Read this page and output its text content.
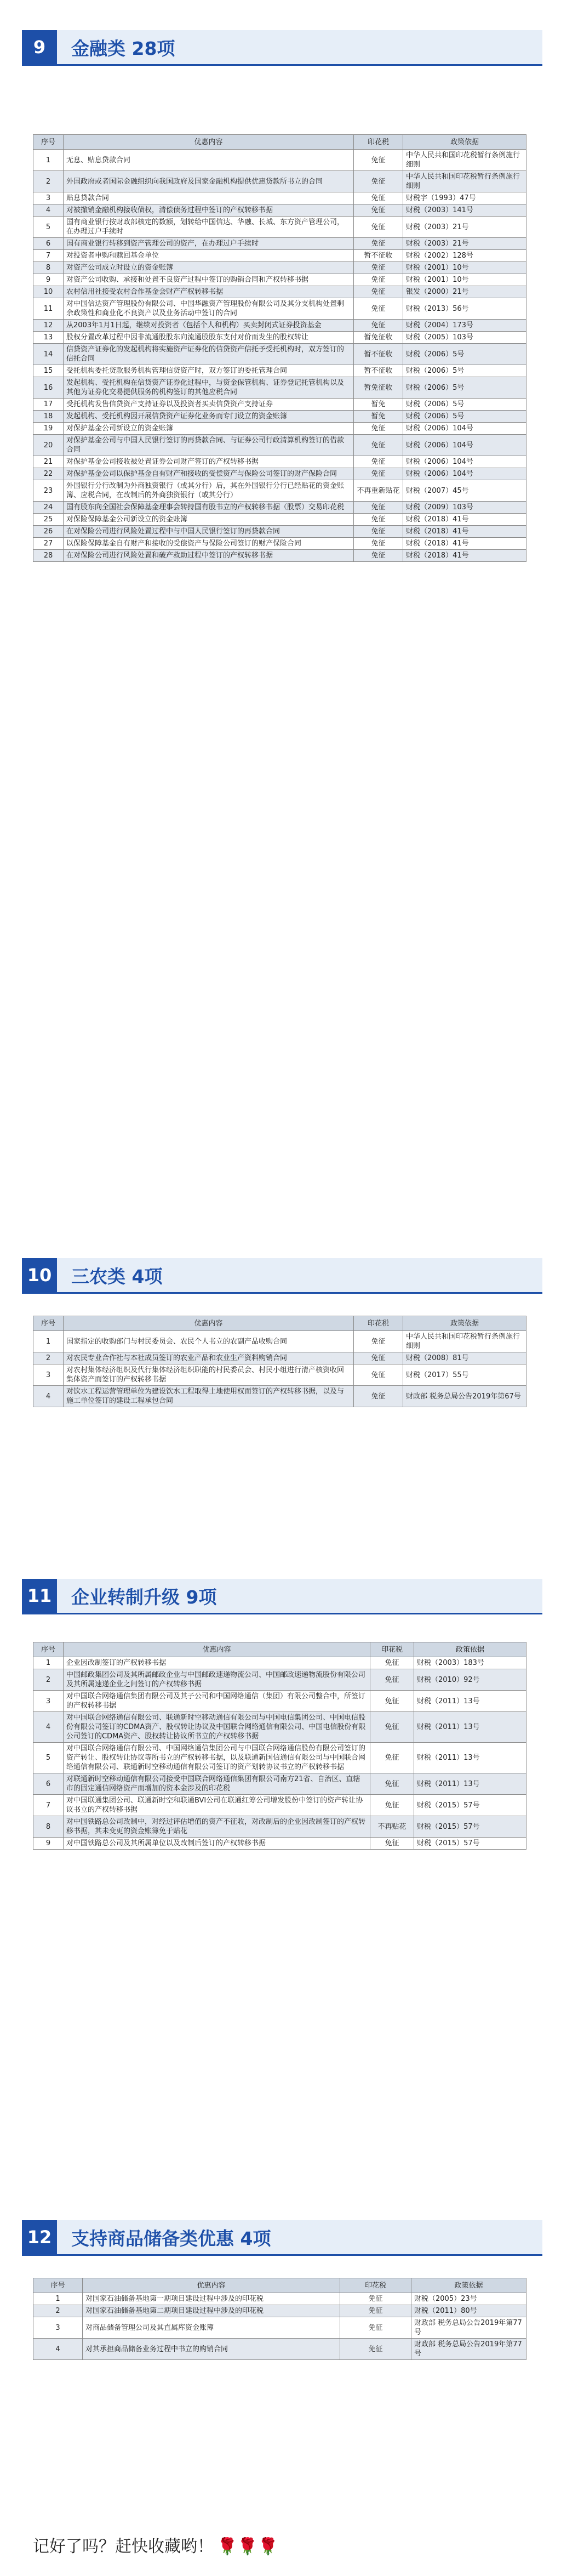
9	金融类 28项
序号	优惠内容	印花税	政策依据
1	无息、贴息贷款合同	免征	中华人民共和国印花税暂行条例施行细则
2	外国政府或者国际金融组织向我国政府及国家金融机构提供优惠贷款所书立的合同	免征	中华人民共和国印花税暂行条例施行细则
3	贴息贷款合同	免征	财税字（1993）47号
4	对被撤销金融机构接收债权，清偿债务过程中签订的产权转移书据	免征	财税（2003）141号
5	国有商业银行按财政部核定的数额，划转给中国信达、华融、长城、东方资产管理公司，在办理过户手续时	免征	财税（2003）21号
6	国有商业银行转移到资产管理公司的资产，在办理过户手续时	免征	财税（2003）21号
7	对投资者申购和赎回基金单位	暂不征收	财税（2002）128号
8	对资产公司成立时设立的资金账簿	免征	财税（2001）10号
9	对资产公司收购、承接和处置不良资产过程中签订的购销合同和产权转移书据	免征	财税（2001）10号
10	农村信用社接受农村合作基金会财产产权转移书据	免征	银发（2000）21号
11	对中国信达资产管理股份有限公司、中国华融资产管理股份有限公司及其分支机构处置剩余政策性和商业化不良资产以及业务活动中签订的合同	免征	财税（2013）56号
12	从2003年1月1日起，继续对投资者（包括个人和机构）买卖封闭式证券投资基金	免征	财税（2004）173号
13	股权分置改革过程中因非流通股股东向流通股股东支付对价而发生的股权转让	暂免征收	财税（2005）103号
14	信贷资产证券化的发起机构将实施资产证券化的信贷资产信托予受托机构时，双方签订的信托合同	暂不征收	财税（2006）5号
15	受托机构委托贷款服务机构管理信贷资产时，双方签订的委托管理合同	暂不征收	财税（2006）5号
16	发起机构、受托机构在信贷资产证券化过程中，与资金保管机构、证券登记托管机构以及其他为证券化交易提供服务的机构签订的其他应税合同	暂免征收	财税（2006）5号
17	受托机构发售信贷资产支持证券以及投资者买卖信贷资产支持证券	暂免	财税（2006）5号
18	发起机构、受托机构因开展信贷资产证券化业务而专门设立的资金账簿	暂免	财税（2006）5号
19	对保护基金公司新设立的资金账簿	免征	财税（2006）104号
20	对保护基金公司与中国人民银行签订的再贷款合同、与证券公司行政清算机构签订的借款合同	免征	财税（2006）104号
21	对保护基金公司接收被处置证券公司财产签订的产权转移书据	免征	财税（2006）104号
22	对保护基金公司以保护基金自有财产和接收的受偿资产与保险公司签订的财产保险合同	免征	财税（2006）104号
23	外国银行分行改制为外商独资银行（或其分行）后，其在外国银行分行已经贴花的资金账簿、应税合同，在改制后的外商独资银行（或其分行）	不再重新贴花	财税（2007）45号
24	国有股东向全国社会保障基金理事会转持国有股书立的产权转移书据（股票）交易印花税	免征	财税（2009）103号
25	对保险保障基金公司新设立的资金账簿	免征	财税（2018）41号
26	在对保险公司进行风险处置过程中与中国人民银行签订的再贷款合同	免征	财税（2018）41号
27	以保险保障基金自有财产和接收的受偿资产与保险公司签订的财产保险合同	免征	财税（2018）41号
28	在对保险公司进行风险处置和破产救助过程中签订的产权转移书据	免征	财税（2018）41号
10 三农类 4项
序号	优惠内容	印花税	政策依据
1	国家指定的收购部门与村民委员会、农民个人书立的农副产品收购合同	免征	中华人民共和国印花税暂行条例施行细则
2	对农民专业合作社与本社成员签订的农业产品和农业生产资料购销合同	免征	财税（2008）81号
3	对农村集体经济组织及代行集体经济组织职能的村民委员会、村民小组进行清产核资收回集体资产而签订的产权转移书据	免征	财税（2017）55号
4	对饮水工程运营管理单位为建设饮水工程取得土地使用权而签订的产权转移书据，以及与施工单位签订的建设工程承包合同	免征	财政部 税务总局公告2019年第67号
11 企业转制升级 9项
序号	优惠内容	印花税	政策依据
1	企业因改制签订的产权转移书据	免征	财税（2003）183号
2	中国邮政集团公司及其所属邮政企业与中国邮政速递物流公司、中国邮政速递物流股份有限公司及其所属速递企业之间签订的产权转移书据	免征	财税（2010）92号
3	对中国联合网络通信集团有限公司及其子公司和中国网络通信（集团）有限公司整合中，所签订的产权转移书据	免征	财税（2011）13号
4	对中国联合网络通信有限公司、联通新时空移动通信有限公司与中国电信集团公司、中国电信股份有限公司签订的CDMA资产、股权转让协议及中国联合网络通信有限公司、中国电信股份有限公司签订的CDMA资产、股权转让协议所书立的产权转移书据	免征	财税（2011）13号
5	对中国联合网络通信有限公司、中国网络通信集团公司与中国联合网络通信股份有限公司签订的资产转让、股权转让协议等所书立的产权转移书据，以及联通新国信通信有限公司与中国联合网络通信有限公司、联通新时空移动通信有限公司签订的资产划转协议书立的产权转移书据	免征	财税（2011）13号
6	对联通新时空移动通信有限公司接受中国联合网络通信集团有限公司南方21省、自治区、直辖市的固定通信网络资产而增加的资本金涉及的印花税	免征	财税（2011）13号
7	对中国联通集团公司、联通新时空和联通BVI公司在联通红筹公司增发股份中签订的资产转让协议书立的产权转移书据	免征	财税（2015）57号
8	对中国铁路总公司改制中，对经过评估增值的资产不征收，对改制后的企业因改制签订的产权转移书据，其未变更的资金账簿免于贴花	不再贴花	财税（2015）57号
9	对中国铁路总公司及其所属单位以及改制后签订的产权转移书据	免征	财税（2015）57号
12 支持商品储备类优惠 4项
序号	优惠内容	印花税	政策依据
1	对国家石油储备基地第一期项目建设过程中涉及的印花税	免征	财税（2005）23号
2	对国家石油储备基地第二期项目建设过程中涉及的印花税	免征	财税（2011）80号
3	对商品储备管理公司及其直属库资金账簿	免征	财政部 税务总局公告2019年第77号
4	对其承担商品储备业务过程中书立的购销合同	免征	财政部 税务总局公告2019年第77号
记好了吗？赶快收藏哟！ 🌹🌹🌹
